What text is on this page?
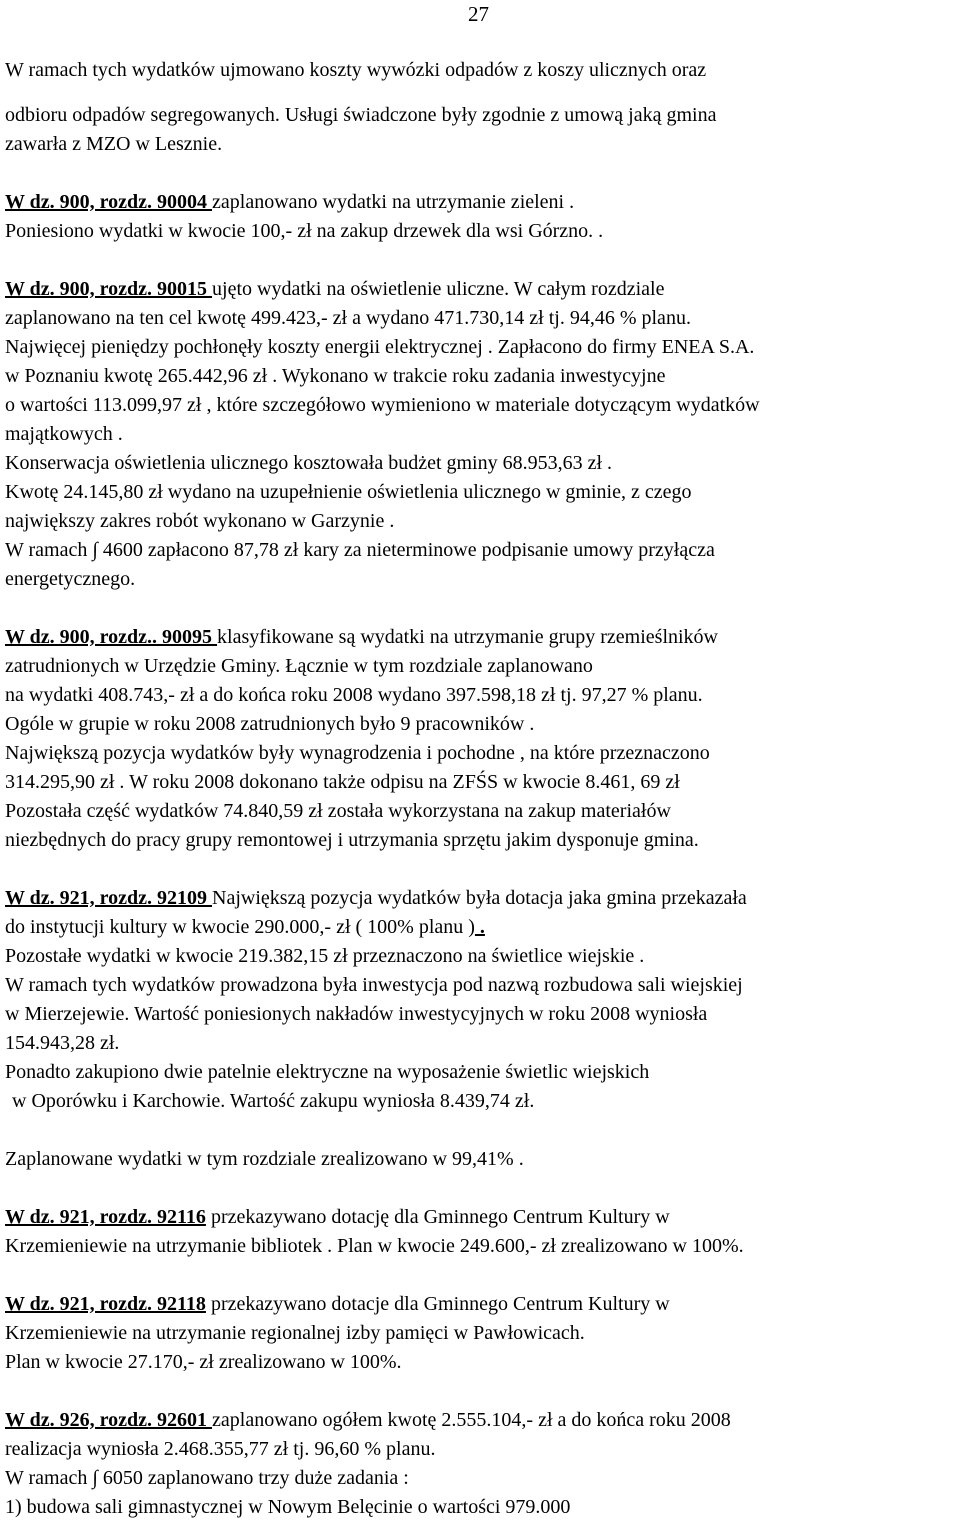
27
W ramach tych wydatków ujmowano koszty wywózki odpadów z koszy ulicznych oraz
odbioru odpadów segregowanych. Usługi świadczone były zgodnie z umową jaką gmina
zawarła z MZO w Lesznie.
W dz. 900, rozdz. 90004 zaplanowano wydatki na utrzymanie zieleni .
Poniesiono wydatki w kwocie 100,- zł na zakup drzewek dla wsi Górzno. .
W dz. 900, rozdz. 90015 ujęto wydatki na oświetlenie uliczne. W całym rozdziale
zaplanowano na ten cel kwotę 499.423,- zł a wydano 471.730,14 zł tj. 94,46 % planu.
Najwięcej pieniędzy pochłonęły koszty energii elektrycznej . Zapłacono do firmy ENEA S.A.
w Poznaniu kwotę 265.442,96 zł . Wykonano w trakcie roku zadania inwestycyjne
o wartości 113.099,97 zł , które szczegółowo wymieniono w materiale dotyczącym wydatków
majątkowych .
Konserwacja oświetlenia ulicznego kosztowała budżet gminy 68.953,63 zł .
Kwotę 24.145,80 zł wydano na uzupełnienie oświetlenia ulicznego w gminie, z czego
największy zakres robót wykonano w Garzynie .
W ramach ∫ 4600 zapłacono 87,78 zł kary za nieterminowe podpisanie umowy przyłącza
energetycznego.
W dz. 900, rozdz.. 90095 klasyfikowane są wydatki na utrzymanie grupy rzemieślników
zatrudnionych w Urzędzie Gminy. Łącznie w tym rozdziale zaplanowano
na wydatki 408.743,- zł a do końca roku 2008 wydano 397.598,18 zł tj. 97,27 % planu.
Ogóle w grupie w roku 2008 zatrudnionych było 9 pracowników .
Największą pozycja wydatków były wynagrodzenia i pochodne , na które przeznaczono
314.295,90 zł . W roku 2008 dokonano także odpisu na ZFŚS w kwocie 8.461, 69 zł
Pozostała część wydatków 74.840,59 zł została wykorzystana na zakup materiałów
niezbędnych do pracy grupy remontowej i utrzymania sprzętu jakim dysponuje gmina.
W dz. 921, rozdz. 92109 Największą pozycja wydatków była dotacja jaka gmina przekazała
do instytucji kultury w kwocie 290.000,- zł ( 100% planu ) .
Pozostałe wydatki w kwocie 219.382,15 zł przeznaczono na świetlice wiejskie .
W ramach tych wydatków prowadzona była inwestycja pod nazwą rozbudowa sali wiejskiej
w Mierzejewie. Wartość poniesionych nakładów inwestycyjnych w roku 2008 wyniosła
154.943,28 zł.
Ponadto zakupiono dwie patelnie elektryczne na wyposażenie świetlic wiejskich
w Oporówku i Karchowie. Wartość zakupu wyniosła 8.439,74 zł.
Zaplanowane wydatki w tym rozdziale zrealizowano w 99,41% .
W dz. 921, rozdz. 92116 przekazywano dotację dla Gminnego Centrum Kultury w
Krzemieniewie na utrzymanie bibliotek . Plan w kwocie 249.600,- zł zrealizowano w 100%.
W dz. 921, rozdz. 92118 przekazywano dotacje dla Gminnego Centrum Kultury w
Krzemieniewie na utrzymanie regionalnej izby pamięci w Pawłowicach.
Plan w kwocie 27.170,- zł zrealizowano w 100%.
W dz. 926, rozdz. 92601 zaplanowano ogółem kwotę 2.555.104,- zł a do końca roku 2008
realizacja wyniosła 2.468.355,77 zł tj. 96,60 % planu.
W ramach ∫ 6050 zaplanowano trzy duże zadania :
1) budowa sali gimnastycznej w Nowym Belęcinie o wartości 979.000
